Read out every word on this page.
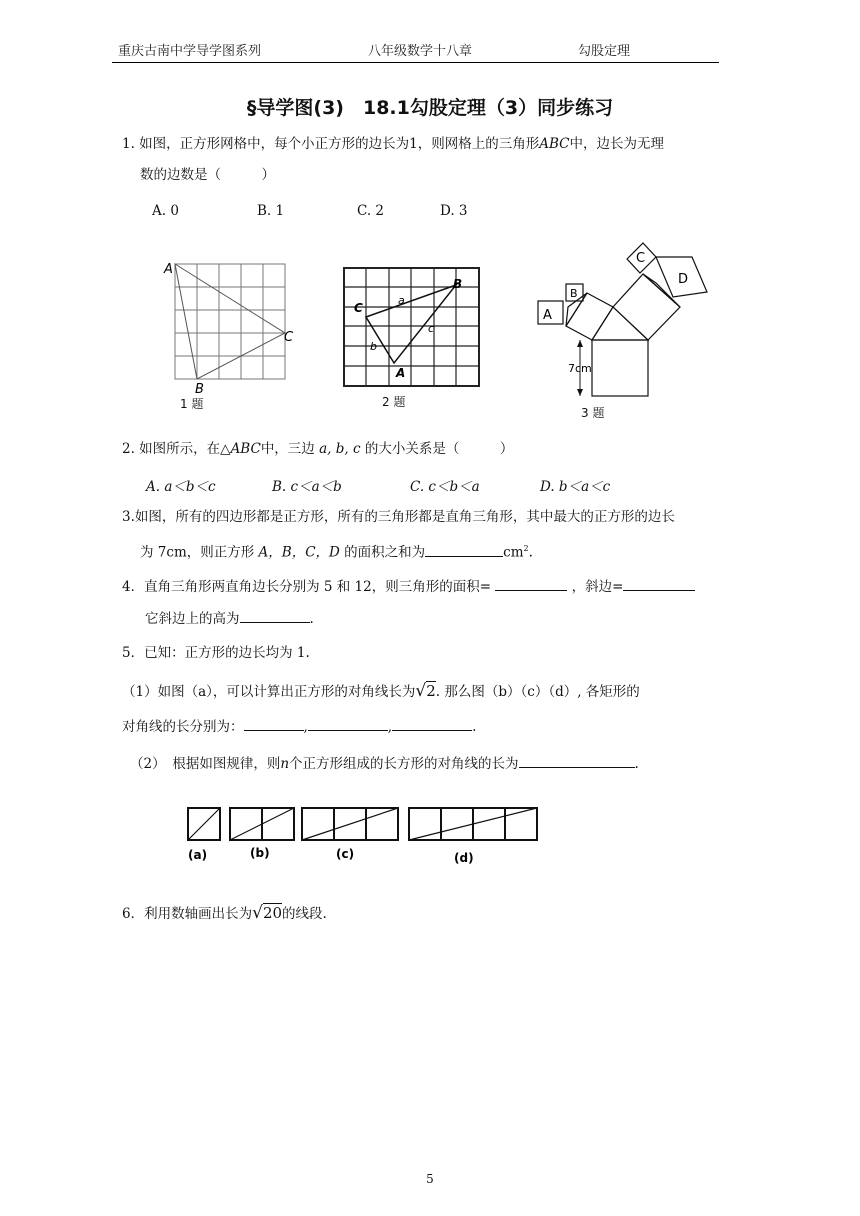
重庆古南中学导学图系列	八年级数学十八章	勾股定理
§导学图(3)　18.1勾股定理（3）同步练习
1. 如图，正方形网格中，每个小正方形的边长为1，则网格上的三角形ABC中，边长为无理
数的边数是（　　　）
A. 0	B. 1	C. 2	D. 3
A
C
B
1 题
C
B
A
a
b
c
2 题
A
B
C
D
7cm
3 题
2. 如图所示，在△ABC中，三边 a, b, c 的大小关系是（　　　）
A. a＜b＜c	B. c＜a＜b	C. c＜b＜a	D. b＜a＜c
3.如图，所有的四边形都是正方形，所有的三角形都是直角三角形，其中最大的正方形的边长
为 7cm，则正方形 A，B，C，D 的面积之和为	$cm^2$.
4．直角三角形两直角边长分别为 5 和 12，则三角形的面积=	，斜边=
它斜边上的高为	.
5．已知：正方形的边长均为 1.
（1）如图（a），可以计算出正方形的对角线长为√2. 那么图（b）（c）（d）, 各矩形的
对角线的长分别为：	,	,	.
（2）　根据如图规律，则n个正方形组成的长方形的对角线的长为	.
(a)	(b)	(c)	(d)
6．利用数轴画出长为√20的线段.
5
